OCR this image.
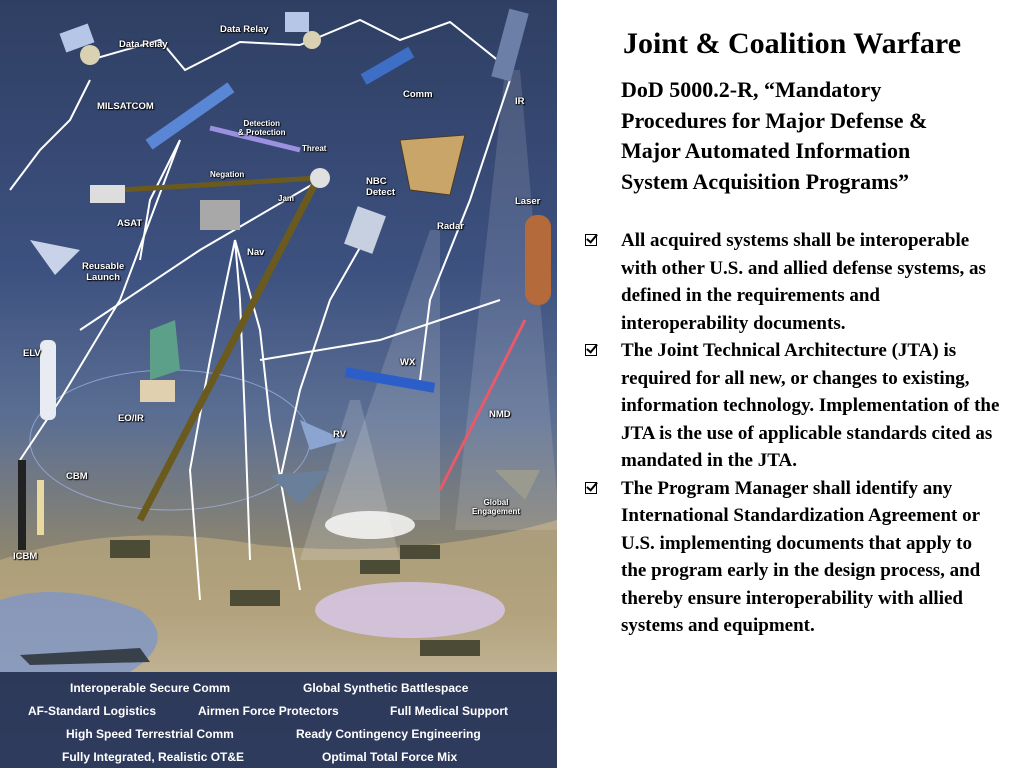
Data Relay
Data Relay
MILSATCOM
Comm
IR
Detection
& Protection
Threat
Negation
Jam
NBC
Detect
Radar
Laser
ASAT
Reusable
Launch
Nav
ELV
WX
EO/IR
RV
NMD
CBM
Global
Engagement
ICBM
Interoperable Secure Comm	Global Synthetic Battlespace
AF-Standard Logistics	Airmen Force Protectors	Full Medical Support
High Speed Terrestrial Comm	Ready Contingency Engineering
Fully Integrated, Realistic OT&E	Optimal Total Force Mix
Joint & Coalition Warfare
DoD 5000.2-R, “Mandatory Procedures for Major Defense & Major Automated Information System Acquisition Programs”
All acquired systems shall be interoperable with other U.S. and allied defense systems, as defined in the requirements and interoperability documents.
The Joint Technical Architecture (JTA) is required for all new, or changes to existing, information technology. Implementation of the JTA is the use of applicable standards cited as mandated in the JTA.
The Program Manager shall identify any International Standardization Agreement or U.S. implementing documents that apply to the program early in the design process, and thereby ensure interoperability with allied systems and equipment.
